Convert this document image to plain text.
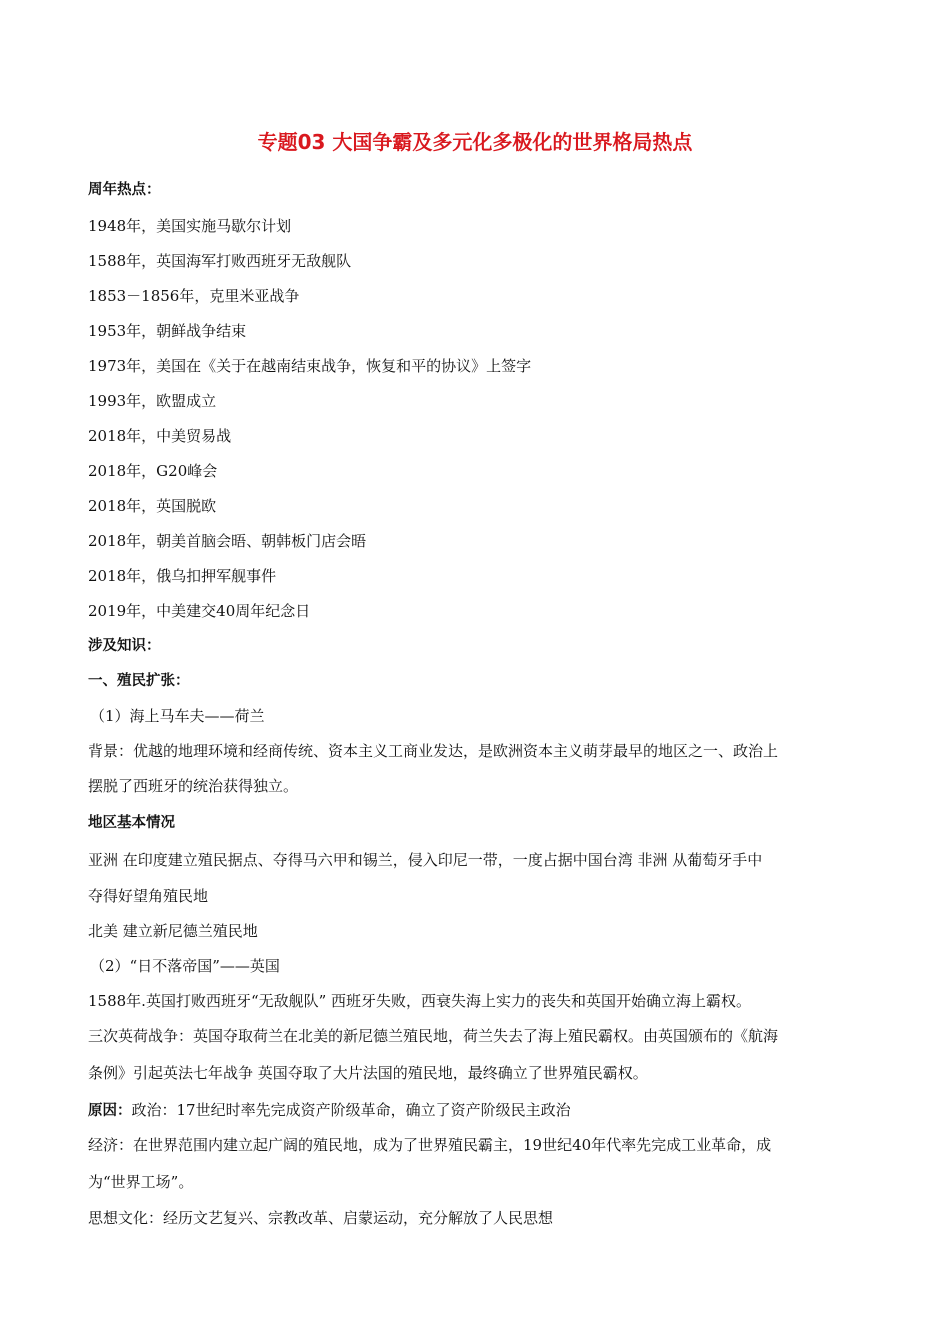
专题03 大国争霸及多元化多极化的世界格局热点
周年热点：
1948年，美国实施马歇尔计划
1588年，英国海军打败西班牙无敌舰队
1853－1856年，克里米亚战争
1953年，朝鲜战争结束
1973年，美国在《关于在越南结束战争，恢复和平的协议》上签字
1993年，欧盟成立
2018年，中美贸易战
2018年，G20峰会
2018年，英国脱欧
2018年，朝美首脑会晤、朝韩板门店会晤
2018年，俄乌扣押军舰事件
2019年，中美建交40周年纪念日
涉及知识：
一、殖民扩张：
（1）海上马车夫——荷兰
背景：优越的地理环境和经商传统、资本主义工商业发达，是欧洲资本主义萌芽最早的地区之一、政治上
摆脱了西班牙的统治获得独立。
地区基本情况
亚洲 在印度建立殖民据点、夺得马六甲和锡兰，侵入印尼一带，一度占据中国台湾 非洲 从葡萄牙手中
夺得好望角殖民地
北美 建立新尼德兰殖民地
（2）“日不落帝国”——英国
1588年.英国打败西班牙“无敌舰队” 西班牙失败，西衰失海上实力的丧失和英国开始确立海上霸权。
三次英荷战争：英国夺取荷兰在北美的新尼德兰殖民地，荷兰失去了海上殖民霸权。由英国颁布的《航海
条例》引起英法七年战争 英国夺取了大片法国的殖民地，最终确立了世界殖民霸权。
原因：政治：17世纪时率先完成资产阶级革命，确立了资产阶级民主政治
经济：在世界范围内建立起广阔的殖民地，成为了世界殖民霸主，19世纪40年代率先完成工业革命，成
为“世界工场”。
思想文化：经历文艺复兴、宗教改革、启蒙运动，充分解放了人民思想
